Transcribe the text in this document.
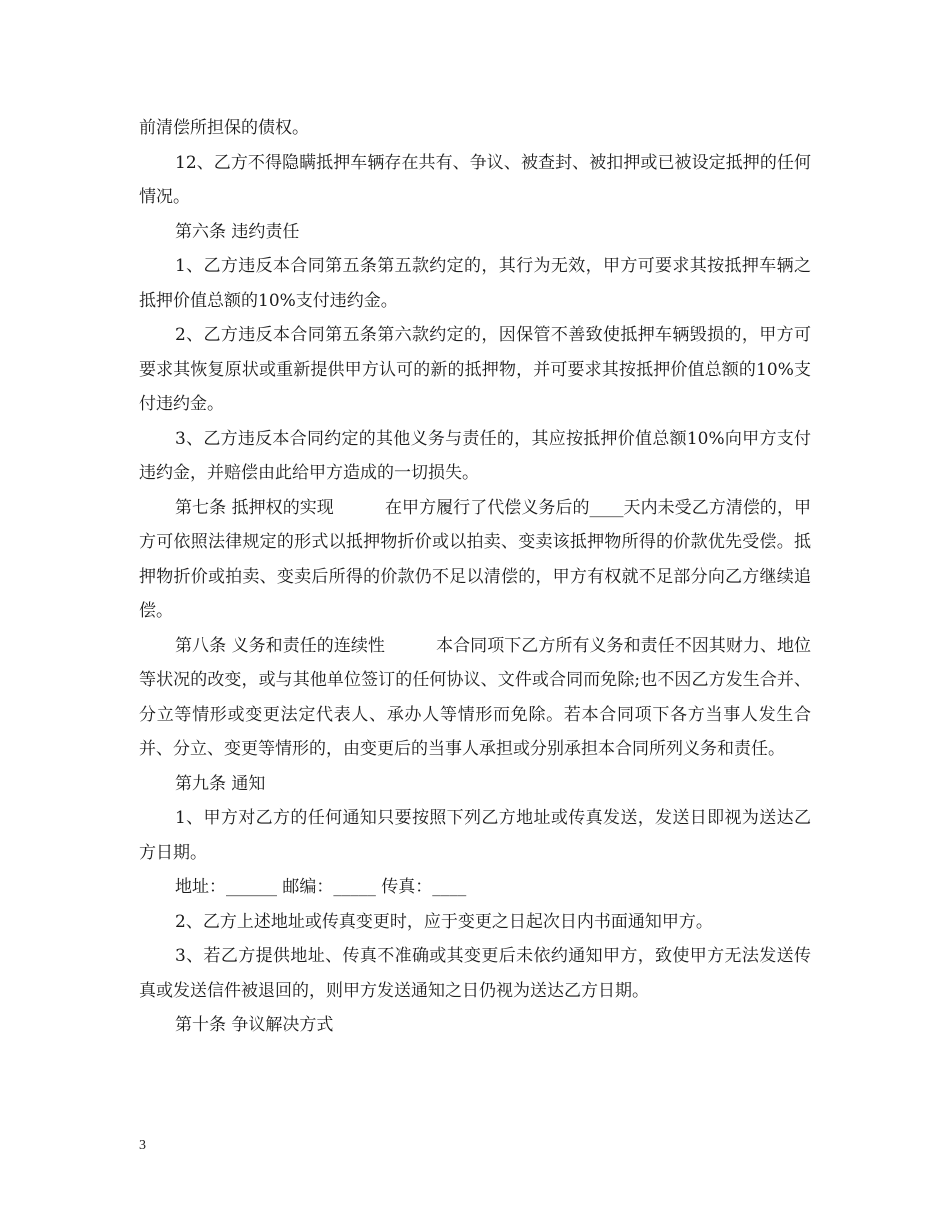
前清偿所担保的债权。

12、乙方不得隐瞒抵押车辆存在共有、争议、被查封、被扣押或已被设定抵押的任何情况。

第六条 违约责任

1、乙方违反本合同第五条第五款约定的，其行为无效，甲方可要求其按抵押车辆之抵押价值总额的10%支付违约金。

2、乙方违反本合同第五条第六款约定的，因保管不善致使抵押车辆毁损的，甲方可要求其恢复原状或重新提供甲方认可的新的抵押物，并可要求其按抵押价值总额的10%支付违约金。

3、乙方违反本合同约定的其他义务与责任的，其应按抵押价值总额10%向甲方支付违约金，并赔偿由此给甲方造成的一切损失。

第七条 抵押权的实现　　　在甲方履行了代偿义务后的____天内未受乙方清偿的，甲方可依照法律规定的形式以抵押物折价或以拍卖、变卖该抵押物所得的价款优先受偿。抵押物折价或拍卖、变卖后所得的价款仍不足以清偿的，甲方有权就不足部分向乙方继续追偿。

第八条 义务和责任的连续性　　　本合同项下乙方所有义务和责任不因其财力、地位等状况的改变，或与其他单位签订的任何协议、文件或合同而免除;也不因乙方发生合并、分立等情形或变更法定代表人、承办人等情形而免除。若本合同项下各方当事人发生合并、分立、变更等情形的，由变更后的当事人承担或分别承担本合同所列义务和责任。

第九条 通知

1、甲方对乙方的任何通知只要按照下列乙方地址或传真发送，发送日即视为送达乙方日期。

地址：______ 邮编：_____ 传真：____

2、乙方上述地址或传真变更时，应于变更之日起次日内书面通知甲方。

3、若乙方提供地址、传真不准确或其变更后未依约通知甲方，致使甲方无法发送传真或发送信件被退回的，则甲方发送通知之日仍视为送达乙方日期。

第十条 争议解决方式

3
